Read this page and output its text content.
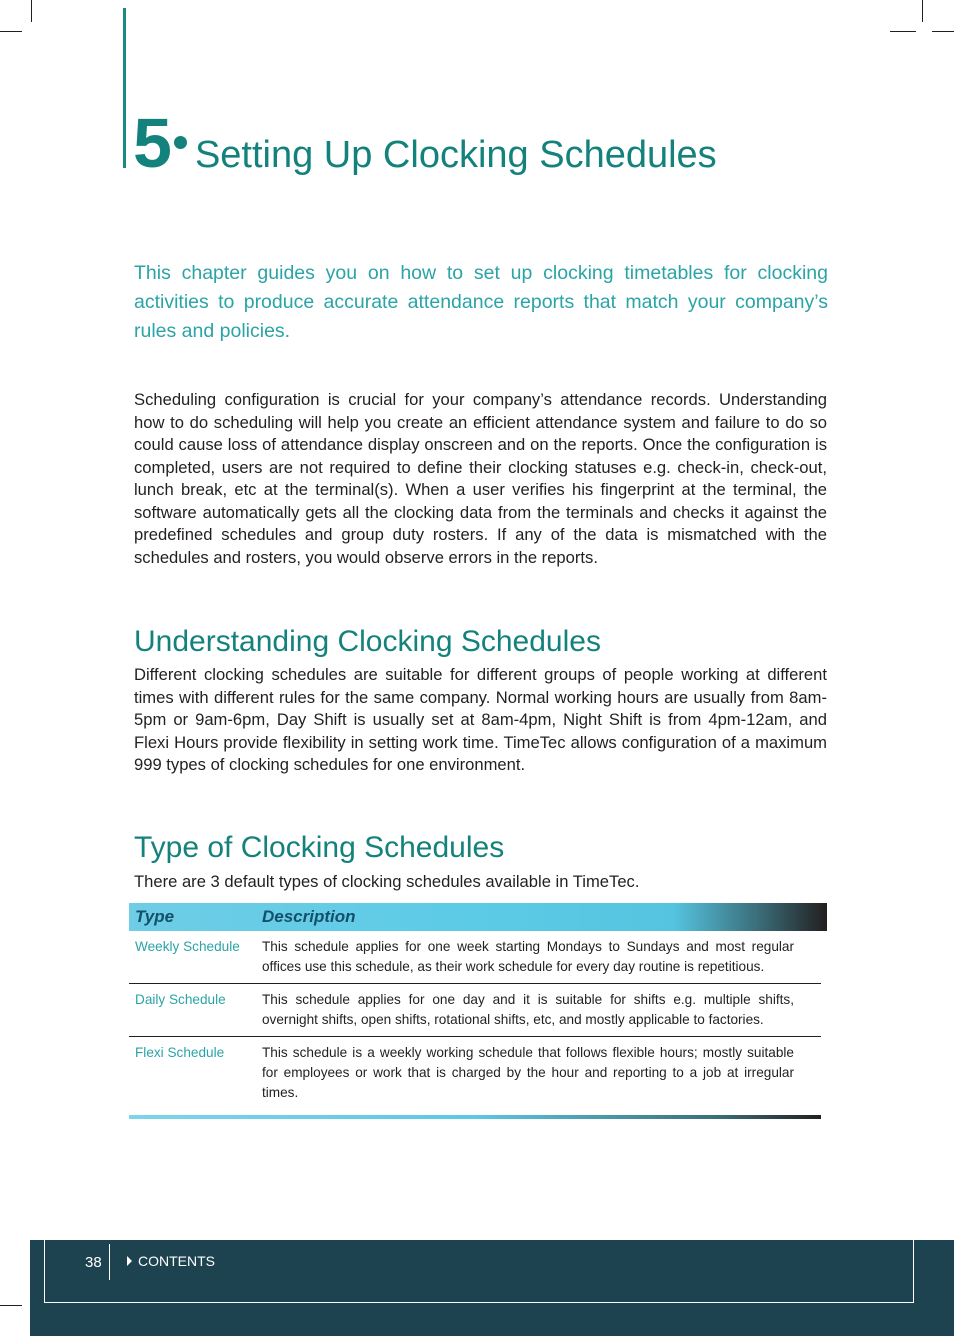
5 Setting Up Clocking Schedules
This chapter guides you on how to set up clocking timetables for clocking activities to produce accurate attendance reports that match your company’s rules and policies.
Scheduling configuration is crucial for your company’s attendance records. Understanding how to do scheduling will help you create an efficient attendance system and failure to do so could cause loss of attendance display onscreen and on the reports. Once the configuration is completed, users are not required to define their clocking statuses e.g. check-in, check-out, lunch break, etc at the terminal(s). When a user verifies his fingerprint at the terminal, the software automatically gets all the clocking data from the terminals and checks it against the predefined schedules and group duty rosters. If any of the data is mismatched with the schedules and rosters, you would observe errors in the reports.
Understanding Clocking Schedules
Different clocking schedules are suitable for different groups of people working at different times with different rules for the same company. Normal working hours are usually from 8am-5pm or 9am-6pm, Day Shift is usually set at 8am-4pm, Night Shift is from 4pm-12am, and Flexi Hours provide flexibility in setting work time. TimeTec allows configuration of a maximum 999 types of clocking schedules for one environment.
Type of Clocking Schedules
There are 3 default types of clocking schedules available in TimeTec.
Type	Description
Weekly Schedule	This schedule applies for one week starting Mondays to Sundays and most regular offices use this schedule, as their work schedule for every day routine is repetitious.
Daily Schedule	This schedule applies for one day and it is suitable for shifts e.g. multiple shifts, overnight shifts, open shifts, rotational shifts, etc, and mostly applicable to factories.
Flexi Schedule	This schedule is a weekly working schedule that follows flexible hours; mostly suitable for employees or work that is charged by the hour and reporting to a job at irregular times.
38	CONTENTS
